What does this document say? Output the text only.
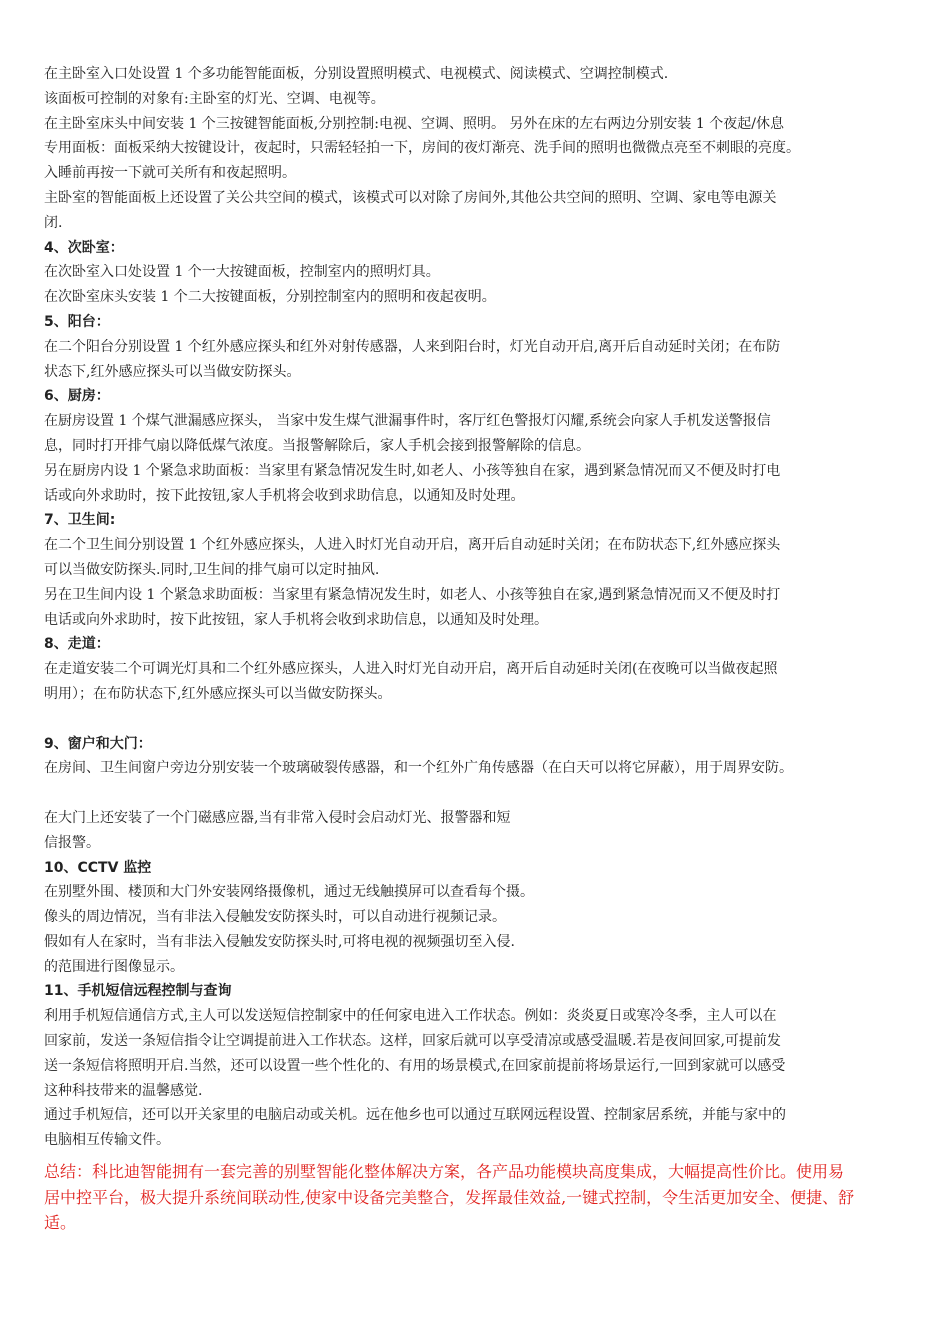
在主卧室入口处设置 1 个多功能智能面板，分别设置照明模式、电视模式、阅读模式、空调控制模式.
该面板可控制的对象有:主卧室的灯光、空调、电视等。
在主卧室床头中间安装 1 个三按键智能面板,分别控制:电视、空调、照明。 另外在床的左右两边分别安装 1 个夜起/休息
专用面板：面板采纳大按键设计，夜起时，只需轻轻拍一下，房间的夜灯渐亮、洗手间的照明也微微点亮至不刺眼的亮度。
入睡前再按一下就可关所有和夜起照明。
主卧室的智能面板上还设置了关公共空间的模式，该模式可以对除了房间外,其他公共空间的照明、空调、家电等电源关
闭.
4、次卧室：
在次卧室入口处设置 1 个一大按键面板，控制室内的照明灯具。
在次卧室床头安装 1 个二大按键面板，分别控制室内的照明和夜起夜明。
5、阳台：
在二个阳台分别设置 1 个红外感应探头和红外对射传感器，人来到阳台时，灯光自动开启,离开后自动延时关闭；在布防
状态下,红外感应探头可以当做安防探头。
6、厨房：
在厨房设置 1 个煤气泄漏感应探头， 当家中发生煤气泄漏事件时，客厅红色警报灯闪耀,系统会向家人手机发送警报信
息，同时打开排气扇以降低煤气浓度。当报警解除后，家人手机会接到报警解除的信息。
另在厨房内设 1 个紧急求助面板：当家里有紧急情况发生时,如老人、小孩等独自在家，遇到紧急情况而又不便及时打电
话或向外求助时，按下此按钮,家人手机将会收到求助信息，以通知及时处理。
7、卫生间:
在二个卫生间分别设置 1 个红外感应探头，人进入时灯光自动开启，离开后自动延时关闭；在布防状态下,红外感应探头
可以当做安防探头.同时,卫生间的排气扇可以定时抽风.
另在卫生间内设 1 个紧急求助面板：当家里有紧急情况发生时，如老人、小孩等独自在家,遇到紧急情况而又不便及时打
电话或向外求助时，按下此按钮，家人手机将会收到求助信息，以通知及时处理。
8、走道：
在走道安装二个可调光灯具和二个红外感应探头，人进入时灯光自动开启，离开后自动延时关闭(在夜晚可以当做夜起照
明用）；在布防状态下,红外感应探头可以当做安防探头。
9、窗户和大门：
在房间、卫生间窗户旁边分别安装一个玻璃破裂传感器，和一个红外广角传感器（在白天可以将它屏蔽），用于周界安防。
在大门上还安装了一个门磁感应器,当有非常入侵时会启动灯光、报警器和短
信报警。
10、CCTV 监控
在别墅外围、楼顶和大门外安装网络摄像机，通过无线触摸屏可以查看每个摄。
像头的周边情况，当有非法入侵触发安防探头时，可以自动进行视频记录。
假如有人在家时，当有非法入侵触发安防探头时,可将电视的视频强切至入侵.
的范围进行图像显示。
11、手机短信远程控制与查询
利用手机短信通信方式,主人可以发送短信控制家中的任何家电进入工作状态。例如：炎炎夏日或寒冷冬季，主人可以在
回家前，发送一条短信指令让空调提前进入工作状态。这样，回家后就可以享受清凉或感受温暖.若是夜间回家,可提前发
送一条短信将照明开启.当然，还可以设置一些个性化的、有用的场景模式,在回家前提前将场景运行,一回到家就可以感受
这种科技带来的温馨感觉.
通过手机短信，还可以开关家里的电脑启动或关机。远在他乡也可以通过互联网远程设置、控制家居系统，并能与家中的
电脑相互传输文件。
总结：科比迪智能拥有一套完善的别墅智能化整体解决方案，各产品功能模块高度集成，大幅提高性价比。使用易
居中控平台，极大提升系统间联动性,使家中设备完美整合，发挥最佳效益,一键式控制，令生活更加安全、便捷、舒
适。
